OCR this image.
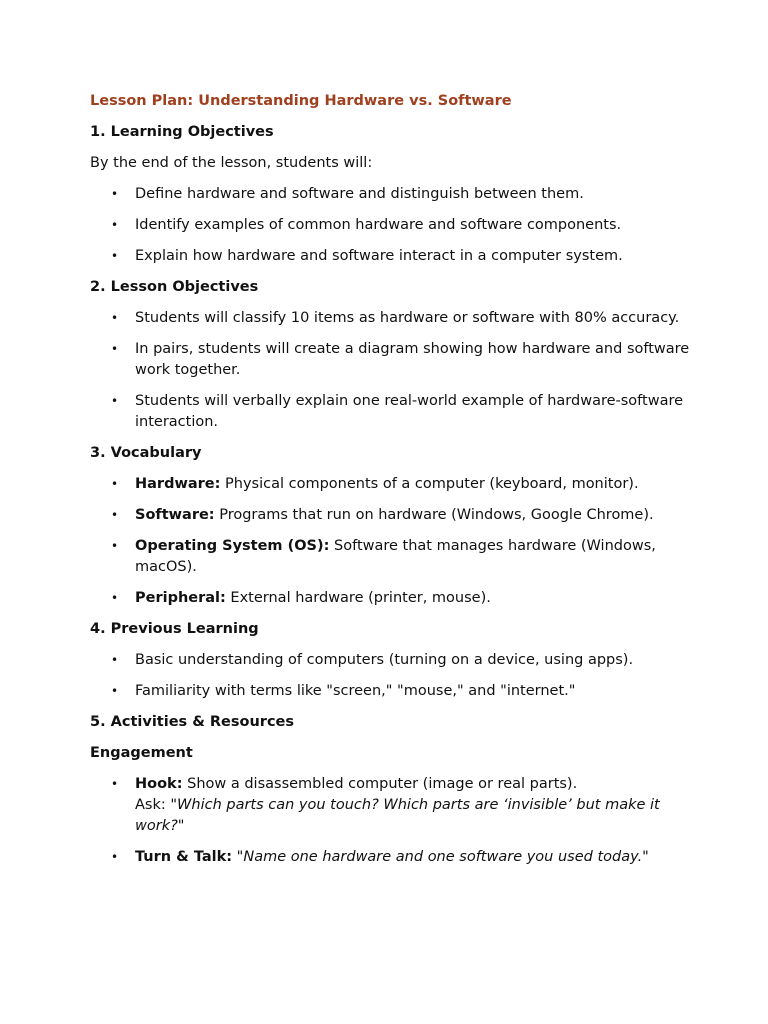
Lesson Plan: Understanding Hardware vs. Software
1. Learning Objectives
By the end of the lesson, students will:
• Define hardware and software and distinguish between them.
• Identify examples of common hardware and software components.
• Explain how hardware and software interact in a computer system.
2. Lesson Objectives
• Students will classify 10 items as hardware or software with 80% accuracy.
• In pairs, students will create a diagram showing how hardware and software work together.
• Students will verbally explain one real-world example of hardware-software interaction.
3. Vocabulary
• Hardware: Physical components of a computer (keyboard, monitor).
• Software: Programs that run on hardware (Windows, Google Chrome).
• Operating System (OS): Software that manages hardware (Windows, macOS).
• Peripheral: External hardware (printer, mouse).
4. Previous Learning
• Basic understanding of computers (turning on a device, using apps).
• Familiarity with terms like "screen," "mouse," and "internet."
5. Activities & Resources
Engagement
• Hook: Show a disassembled computer (image or real parts).
Ask: "Which parts can you touch? Which parts are ‘invisible’ but make it work?"
• Turn & Talk: "Name one hardware and one software you used today."
